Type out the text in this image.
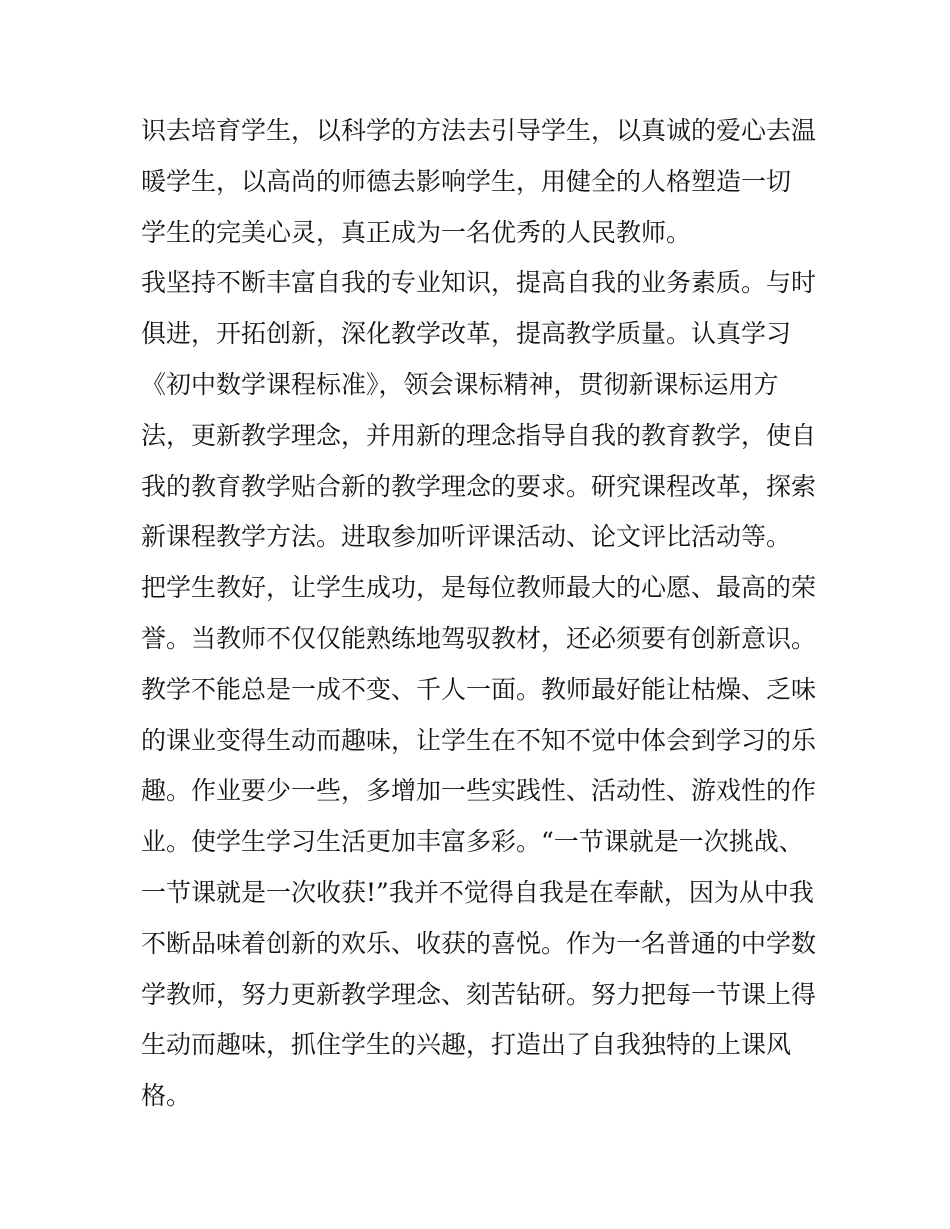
识去培育学生，以科学的方法去引导学生，以真诚的爱心去温
暖学生，以高尚的师德去影响学生，用健全的人格塑造一切
学生的完美心灵，真正成为一名优秀的人民教师。
我坚持不断丰富自我的专业知识，提高自我的业务素质。与时
俱进，开拓创新，深化教学改革，提高教学质量。认真学习
《初中数学课程标准》，领会课标精神，贯彻新课标运用方
法，更新教学理念，并用新的理念指导自我的教育教学，使自
我的教育教学贴合新的教学理念的要求。研究课程改革，探索
新课程教学方法。进取参加听评课活动、论文评比活动等。
把学生教好，让学生成功，是每位教师最大的心愿、最高的荣
誉。当教师不仅仅能熟练地驾驭教材，还必须要有创新意识。
教学不能总是一成不变、千人一面。教师最好能让枯燥、乏味
的课业变得生动而趣味，让学生在不知不觉中体会到学习的乐
趣。作业要少一些，多增加一些实践性、活动性、游戏性的作
业。使学生学习生活更加丰富多彩。“一节课就是一次挑战、
一节课就是一次收获!”我并不觉得自我是在奉献，因为从中我
不断品味着创新的欢乐、收获的喜悦。作为一名普通的中学数
学教师，努力更新教学理念、刻苦钻研。努力把每一节课上得
生动而趣味，抓住学生的兴趣，打造出了自我独特的上课风
格。
